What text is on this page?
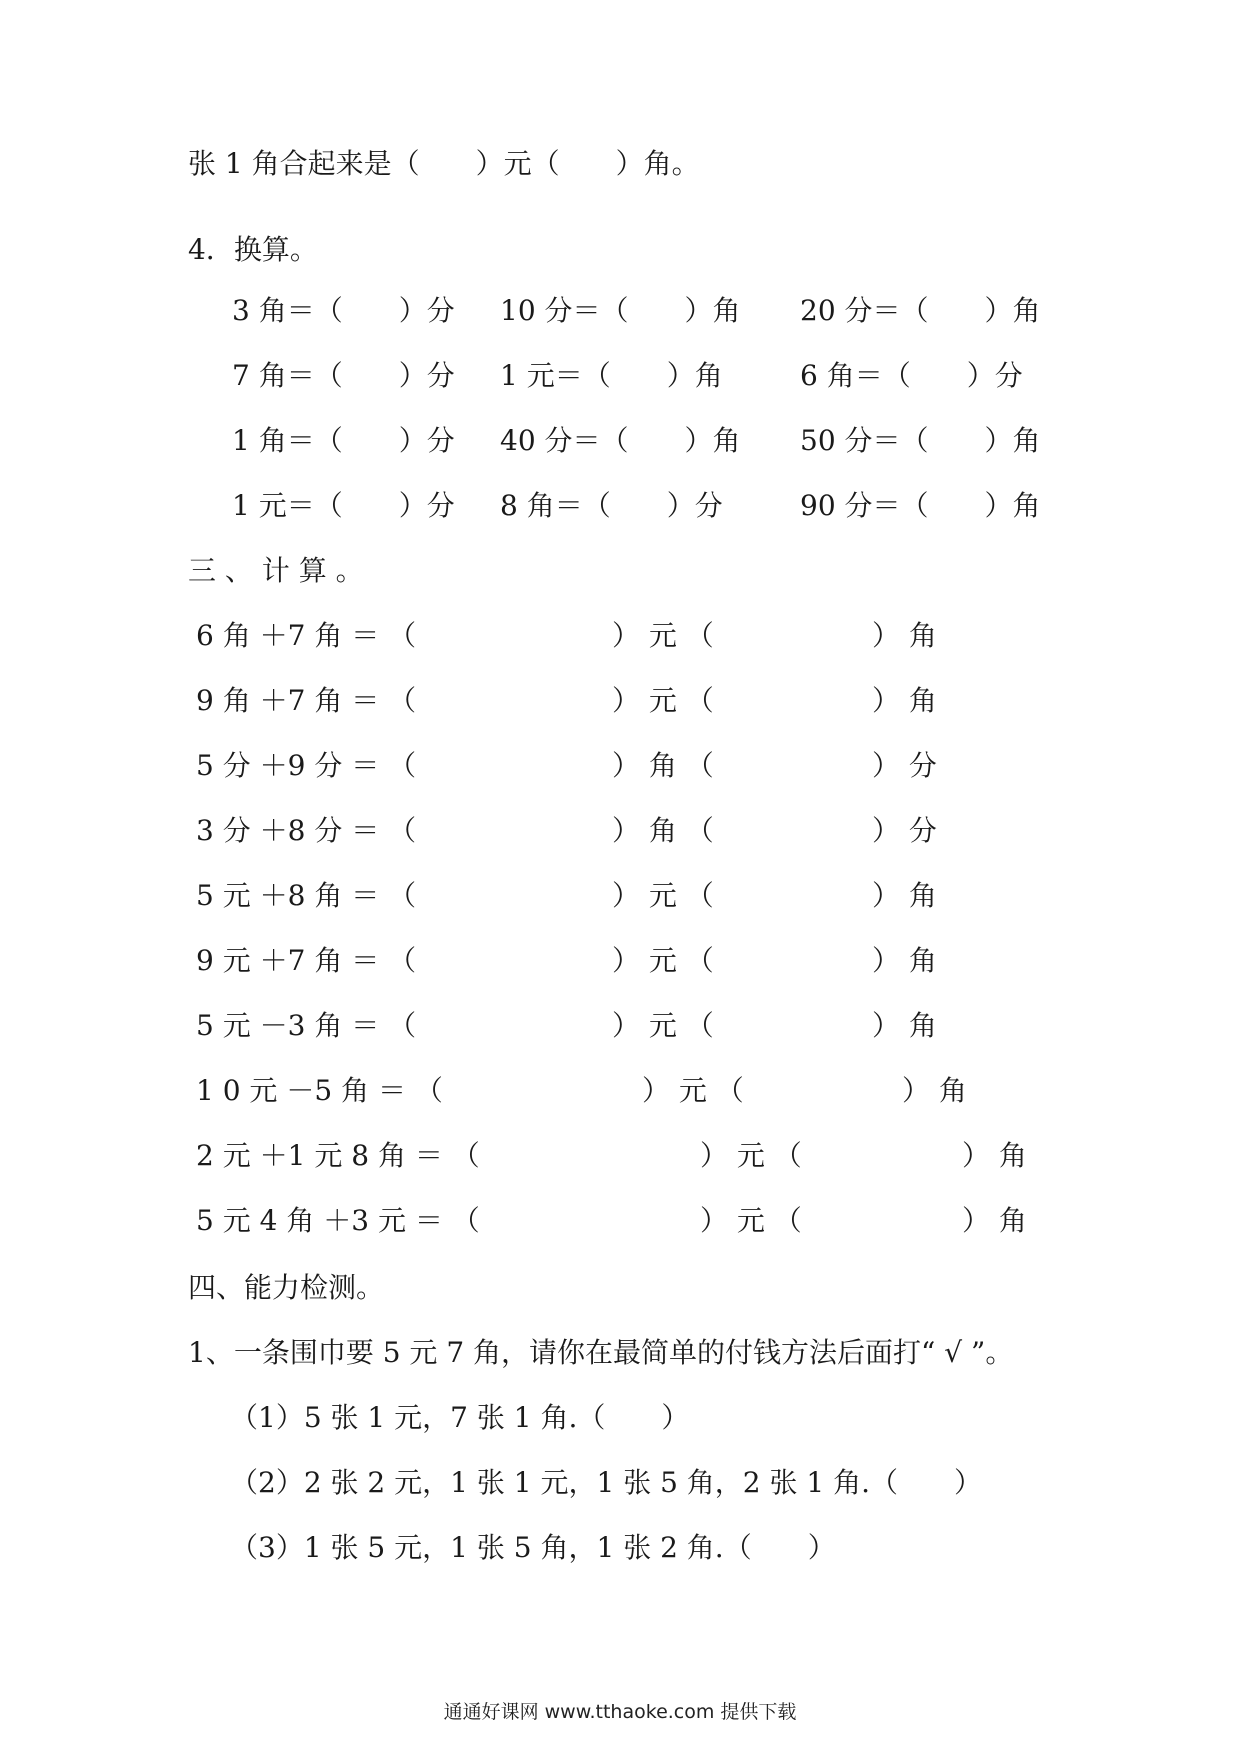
张 1 角合起来是（　　）元（　　）角。
4．换算。
3 角＝（　　）分 10 分＝（　　）角 20 分＝（　　）角
7 角＝（　　）分 1 元＝（　　）角	6 角＝（　　）分
1 角＝（　　）分 40 分＝（　　）角 50 分＝（　　）角
1 元＝（　　）分 8 角＝（　　）分	90 分＝（　　）角
三 、 计 算 。
6 角 ＋7 角 ＝ （	） 元 （	） 角
9 角 ＋7 角 ＝ （	） 元 （	） 角
5 分 ＋9 分 ＝ （	） 角 （	） 分
3 分 ＋8 分 ＝ （	） 角 （	） 分
5 元 ＋8 角 ＝ （	） 元 （	） 角
9 元 ＋7 角 ＝ （	） 元 （	） 角
5 元 －3 角 ＝ （	） 元 （	） 角
1 0 元 －5 角 ＝ （	） 元 （	） 角
2 元 ＋1 元 8 角 ＝ （	） 元 （	） 角
5 元 4 角 ＋3 元 ＝ （	） 元 （	） 角
四、能力检测。
1、一条围巾要 5 元 7 角，请你在最简单的付钱方法后面打“ √ ”。
（1）5 张 1 元，7 张 1 角.（　　）
（2）2 张 2 元，1 张 1 元，1 张 5 角，2 张 1 角.（　　）
（3）1 张 5 元，1 张 5 角，1 张 2 角.（　　）
通通好课网 www.tthaoke.com 提供下载
